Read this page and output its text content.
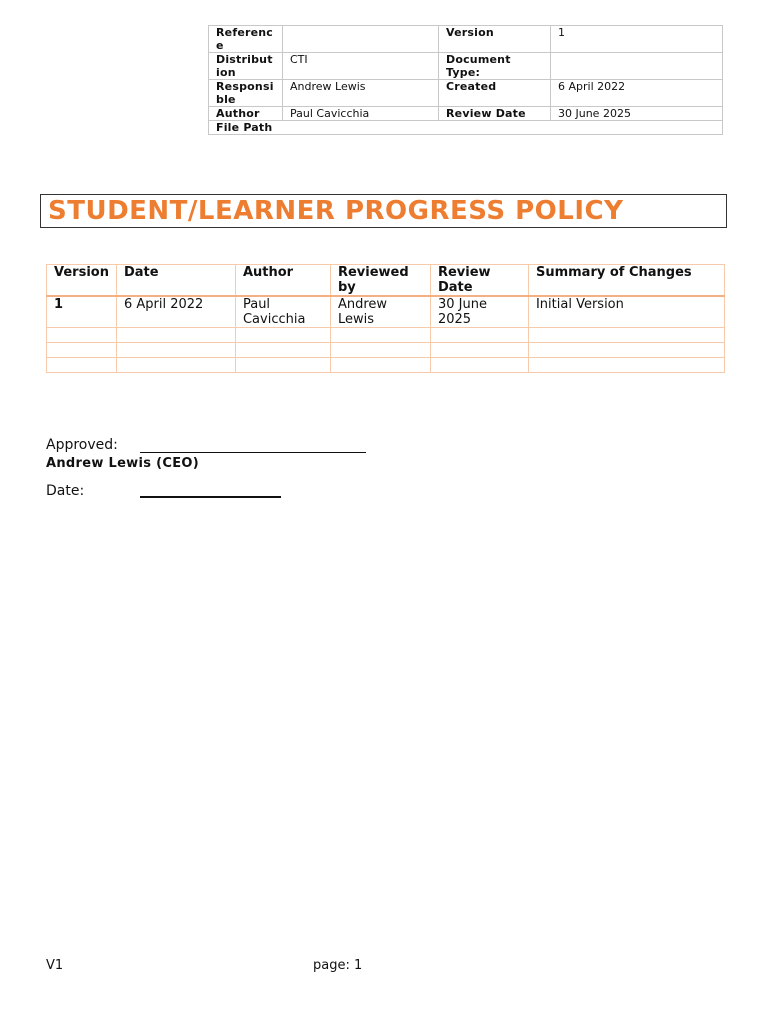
Reference		Version	1
Distribution	CTI	Document Type:	
Responsible	Andrew Lewis	Created	6 April 2022
Author	Paul Cavicchia	Review Date	30 June 2025
File Path			
STUDENT/LEARNER PROGRESS POLICY
Version	Date	Author	Reviewed by	Review Date	Summary of Changes
1	6 April 2022	Paul Cavicchia	Andrew Lewis	30 June 2025	Initial Version

Approved:
Andrew Lewis (CEO)
Date:
V1	page: 1
